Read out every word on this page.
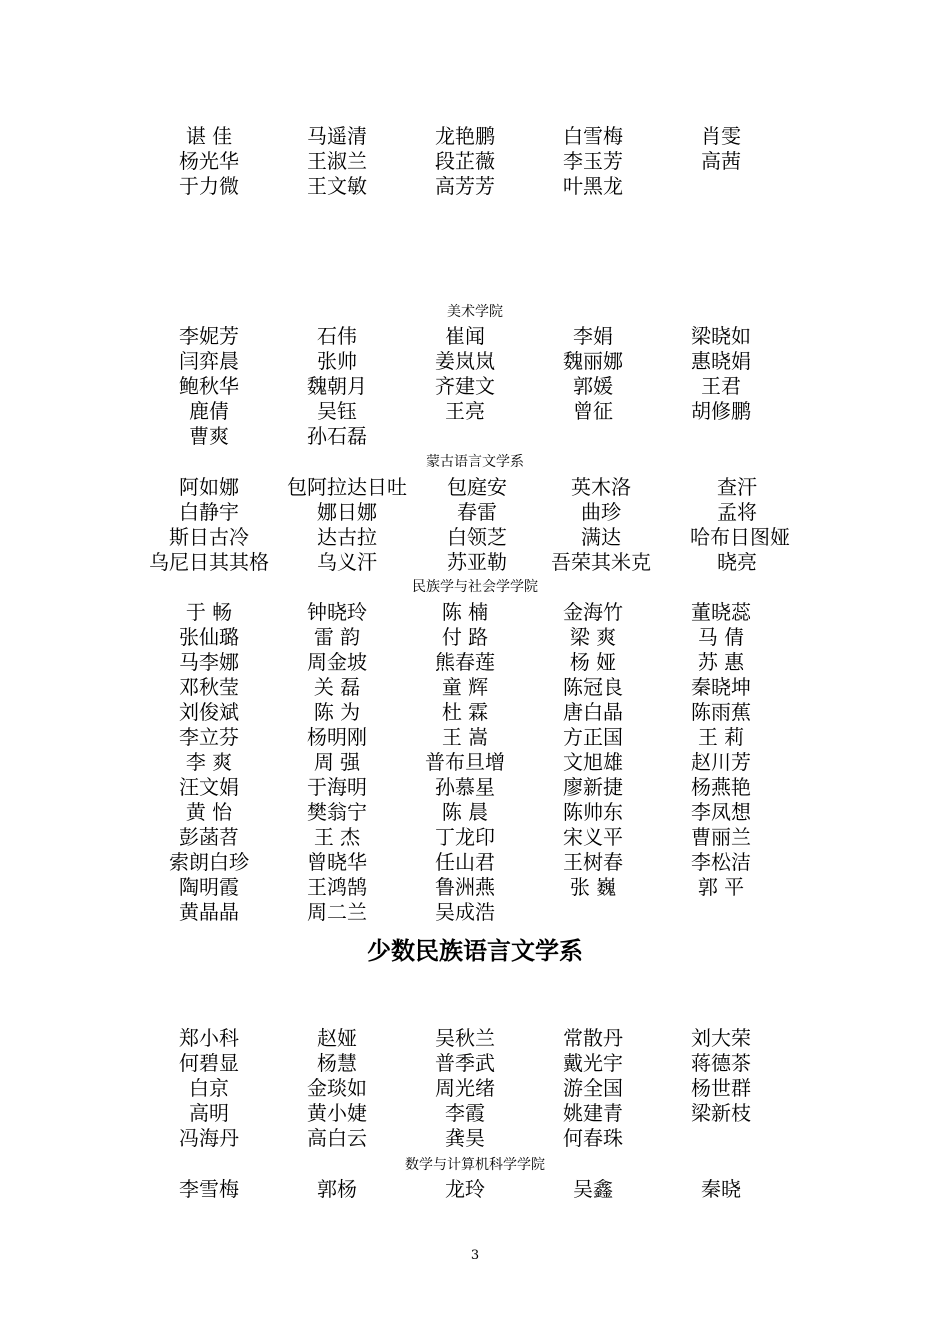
谌 佳	马遥清	龙艳鹏	白雪梅	肖雯
杨光华	王淑兰	段芷薇	李玉芳	高茜
于力微	王文敏	高芳芳	叶黑龙
美术学院
李妮芳	石伟	崔闻	李娟	梁晓如
闫弈晨	张帅	姜岚岚	魏丽娜	惠晓娟
鲍秋华	魏朝月	齐建文	郭媛	王君
鹿倩	吴钰	王亮	曾征	胡修鹏
曹爽	孙石磊
蒙古语言文学系
阿如娜	包阿拉达日吐	包庭安	英木洛	查汗
白静宇	娜日娜	春雷	曲珍	孟将
斯日古冷	达古拉	白领芝	满达	哈布日图娅
乌尼日其其格	乌义汗	苏亚勒	吾荣其米克	晓亮
民族学与社会学学院
于 畅	钟晓玲	陈 楠	金海竹	董晓蕊
张仙璐	雷 韵	付 路	梁 爽	马 倩
马李娜	周金坡	熊春莲	杨 娅	苏 惠
邓秋莹	关 磊	童 辉	陈冠良	秦晓坤
刘俊斌	陈 为	杜 霖	唐白晶	陈雨蕉
李立芬	杨明刚	王 嵩	方正国	王 莉
李 爽	周 强	普布旦增	文旭雄	赵川芳
汪文娟	于海明	孙慕星	廖新捷	杨燕艳
黄 怡	樊翁宁	陈 晨	陈帅东	李凤想
彭菡苕	王 杰	丁龙印	宋义平	曹丽兰
索朗白珍	曾晓华	任山君	王树春	李松洁
陶明霞	王鸿鹄	鲁洲燕	张 巍	郭 平
黄晶晶	周二兰	吴成浩
少数民族语言文学系
郑小科	赵娅	吴秋兰	常散丹	刘大荣
何碧显	杨慧	普季武	戴光宇	蒋德茶
白京	金琰如	周光绪	游全国	杨世群
高明	黄小婕	李霞	姚建青	梁新枝
冯海丹	高白云	龚昊	何春珠
数学与计算机科学学院
李雪梅	郭杨	龙玲	吴鑫	秦晓
3
